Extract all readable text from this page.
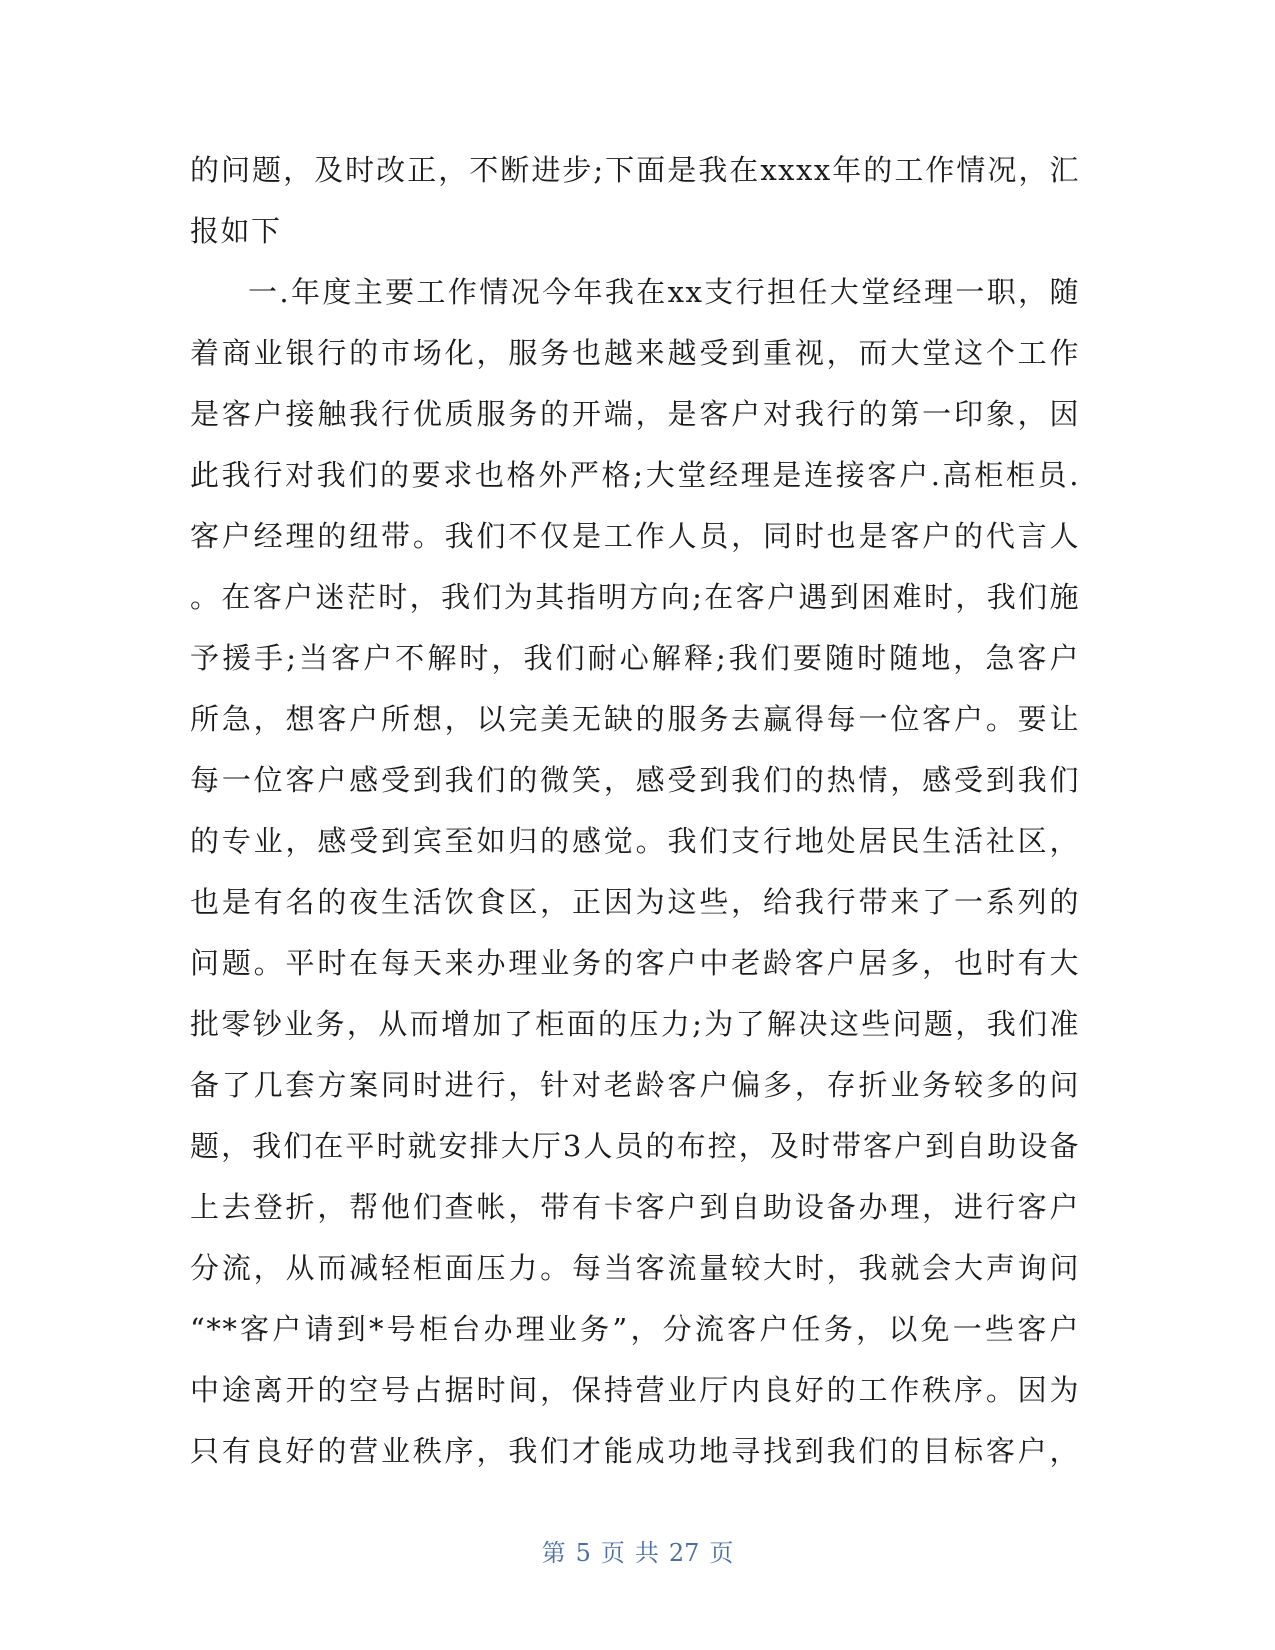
的问题，及时改正，不断进步;下面是我在xxxx年的工作情况，汇
报如下
一.年度主要工作情况今年我在xx支行担任大堂经理一职，随
着商业银行的市场化，服务也越来越受到重视，而大堂这个工作
是客户接触我行优质服务的开端，是客户对我行的第一印象，因
此我行对我们的要求也格外严格;大堂经理是连接客户.高柜柜员.
客户经理的纽带。我们不仅是工作人员，同时也是客户的代言人
。在客户迷茫时，我们为其指明方向;在客户遇到困难时，我们施
予援手;当客户不解时，我们耐心解释;我们要随时随地，急客户
所急，想客户所想，以完美无缺的服务去赢得每一位客户。要让
每一位客户感受到我们的微笑，感受到我们的热情，感受到我们
的专业，感受到宾至如归的感觉。我们支行地处居民生活社区，
也是有名的夜生活饮食区，正因为这些，给我行带来了一系列的
问题。平时在每天来办理业务的客户中老龄客户居多，也时有大
批零钞业务，从而增加了柜面的压力;为了解决这些问题，我们准
备了几套方案同时进行，针对老龄客户偏多，存折业务较多的问
题，我们在平时就安排大厅3人员的布控，及时带客户到自助设备
上去登折，帮他们查帐，带有卡客户到自助设备办理，进行客户
分流，从而减轻柜面压力。每当客流量较大时，我就会大声询问
“**客户请到*号柜台办理业务”，分流客户任务，以免一些客户
中途离开的空号占据时间，保持营业厅内良好的工作秩序。因为
只有良好的营业秩序，我们才能成功地寻找到我们的目标客户，
第 5 页 共 27 页
